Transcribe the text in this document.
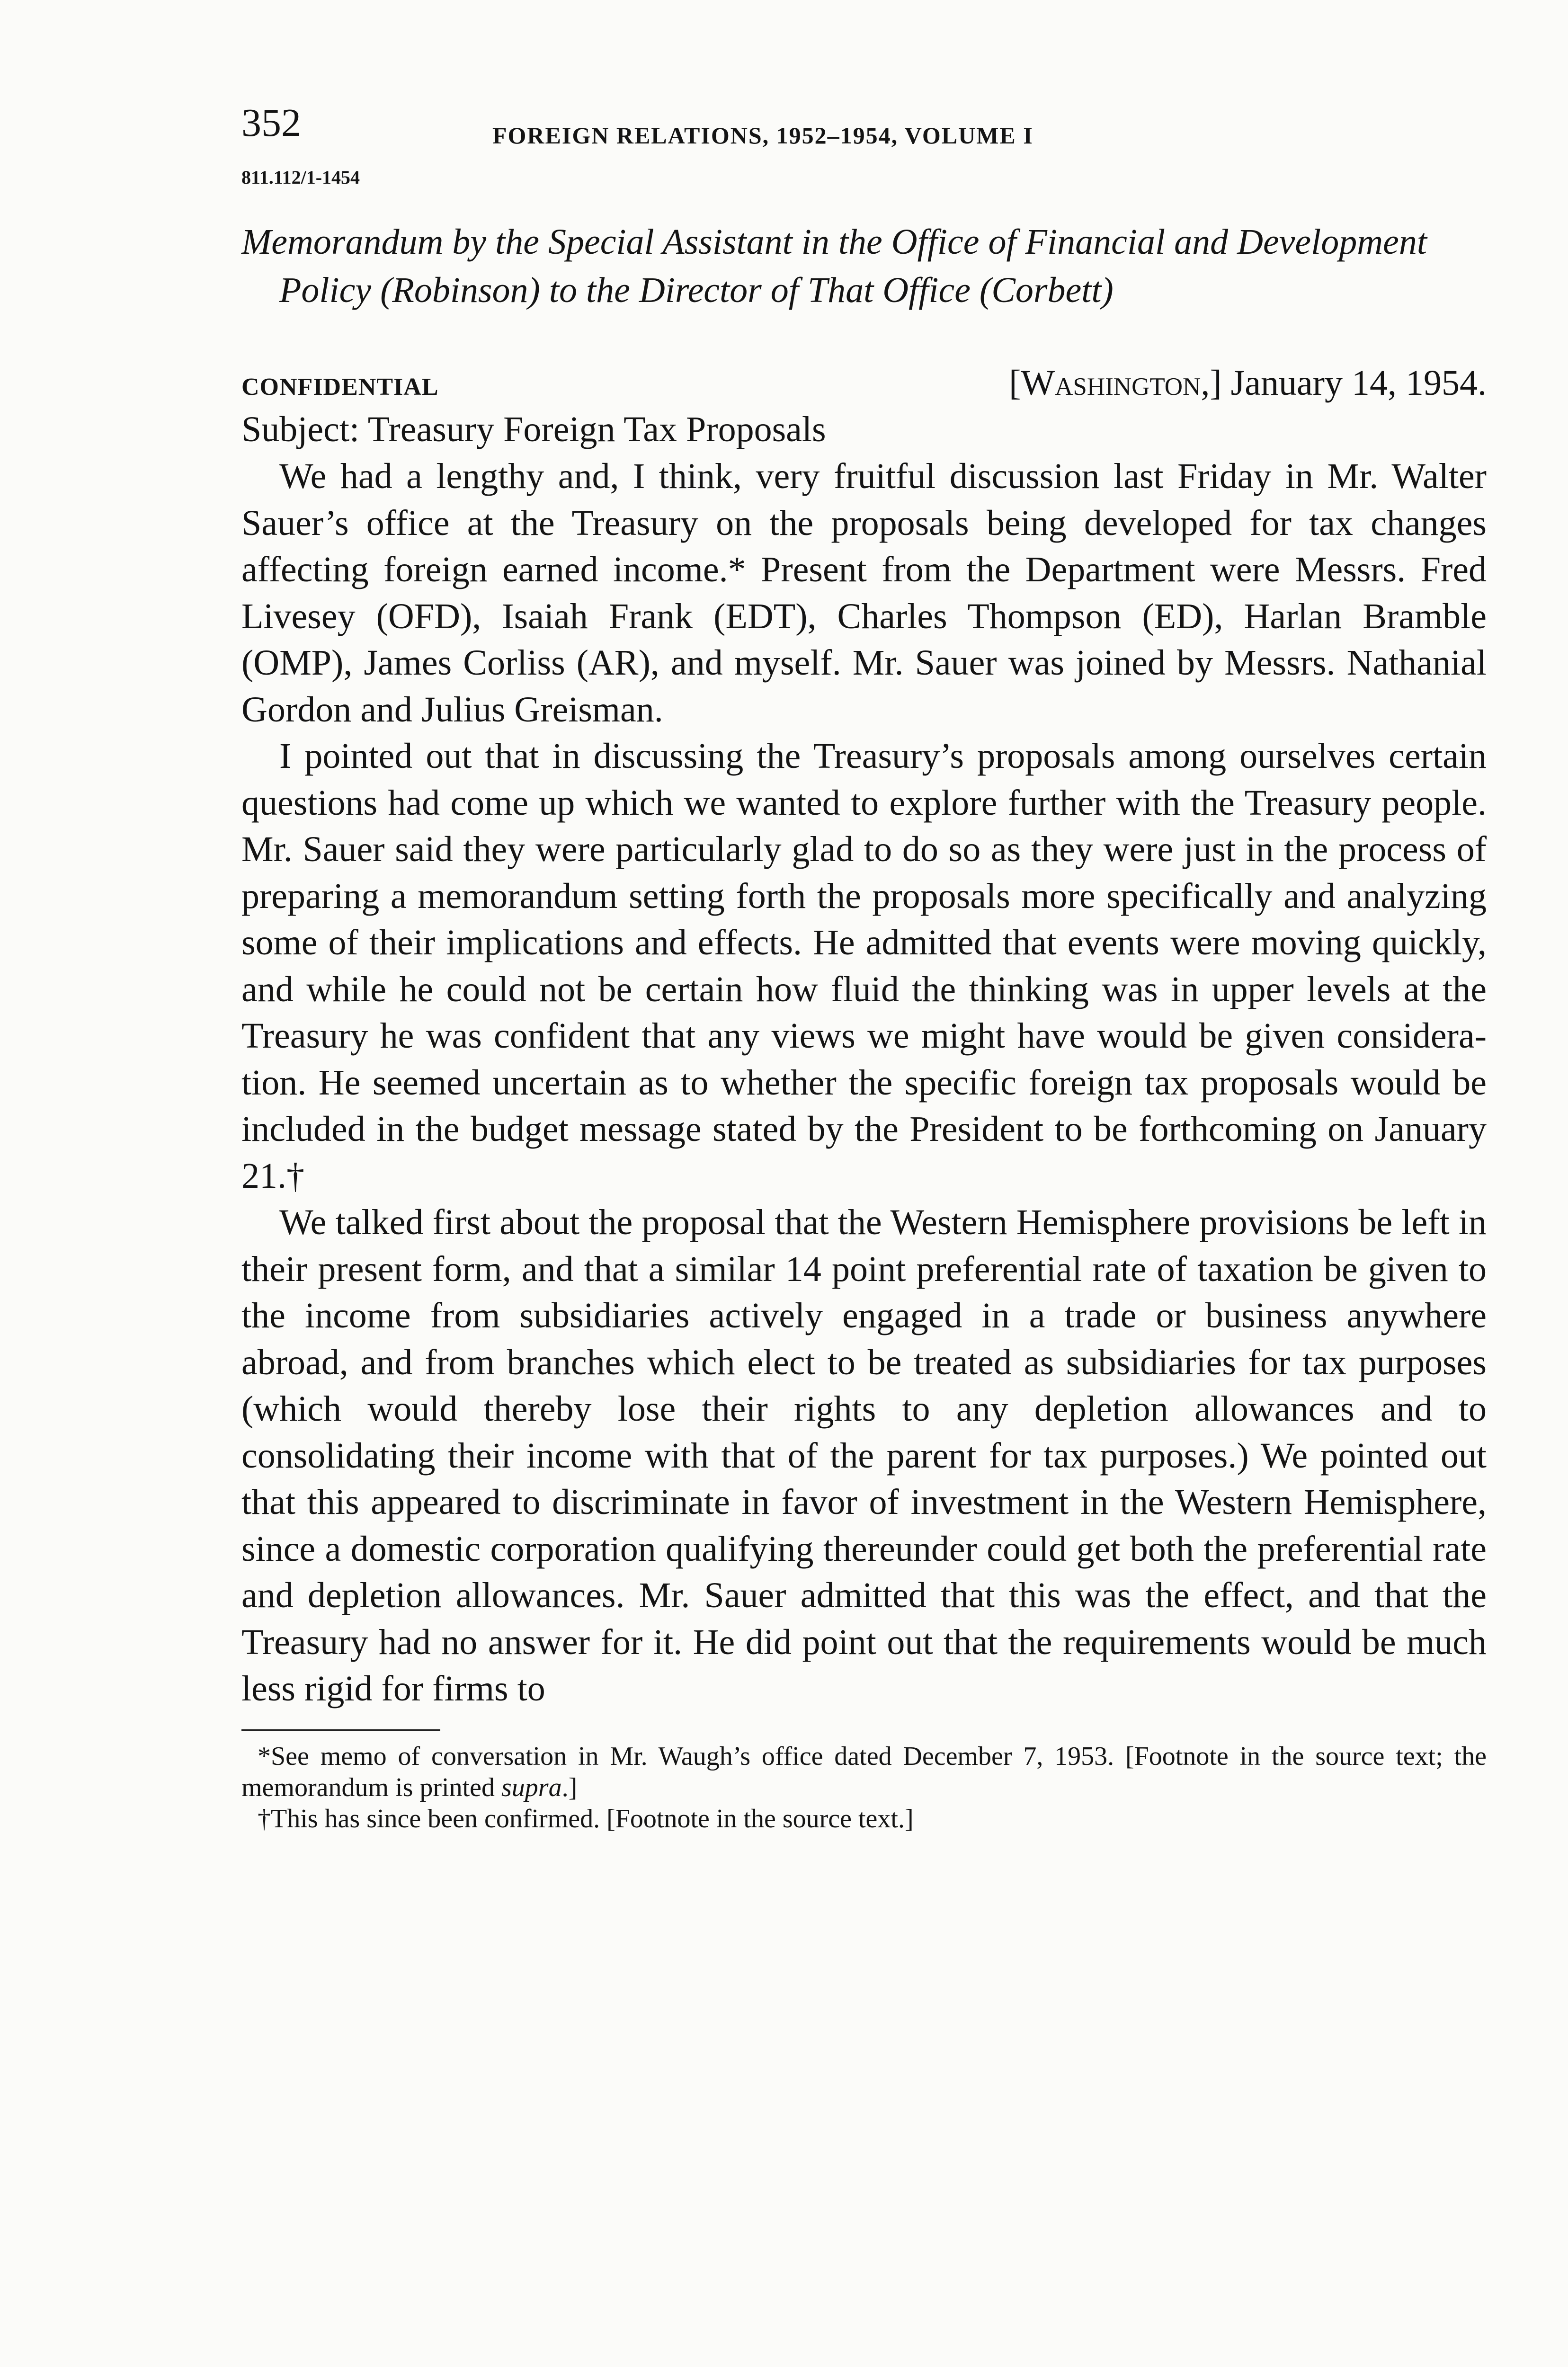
352	FOREIGN RELATIONS, 1952–1954, VOLUME I
811.112/1-1454
Memorandum by the Special Assistant in the Office of Financial and Development Policy (Robinson) to the Director of That Office (Corbett)
CONFIDENTIAL	[Washington,] January 14, 1954.
Subject: Treasury Foreign Tax Proposals

We had a lengthy and, I think, very fruitful discussion last Friday in Mr. Walter Sauer’s office at the Treasury on the proposals being developed for tax changes affecting foreign earned income.* Present from the Department were Messrs. Fred Livesey (OFD), Isaiah Frank (EDT), Charles Thompson (ED), Harlan Bramble (OMP), James Corliss (AR), and myself. Mr. Sauer was joined by Messrs. Nathanial Gordon and Julius Greisman.

I pointed out that in discussing the Treasury’s proposals among ourselves certain questions had come up which we wanted to explore further with the Treasury people. Mr. Sauer said they were particularly glad to do so as they were just in the process of preparing a memorandum setting forth the proposals more specifically and analyzing some of their implications and effects. He admitted that events were moving quickly, and while he could not be certain how fluid the thinking was in upper levels at the Treasury he was confident that any views we might have would be given consideration. He seemed uncertain as to whether the specific foreign tax proposals would be included in the budget message stated by the President to be forthcoming on January 21.†

We talked first about the proposal that the Western Hemisphere provisions be left in their present form, and that a similar 14 point preferential rate of taxation be given to the income from subsidiaries actively engaged in a trade or business anywhere abroad, and from branches which elect to be treated as subsidiaries for tax purposes (which would thereby lose their rights to any depletion allowances and to consolidating their income with that of the parent for tax purposes.) We pointed out that this appeared to discriminate in favor of investment in the Western Hemisphere, since a domestic corporation qualifying thereunder could get both the preferential rate and depletion allowances. Mr. Sauer admitted that this was the effect, and that the Treasury had no answer for it. He did point out that the requirements would be much less rigid for firms to

*See memo of conversation in Mr. Waugh’s office dated December 7, 1953. [Footnote in the source text; the memorandum is printed supra.]

†This has since been confirmed. [Footnote in the source text.]
